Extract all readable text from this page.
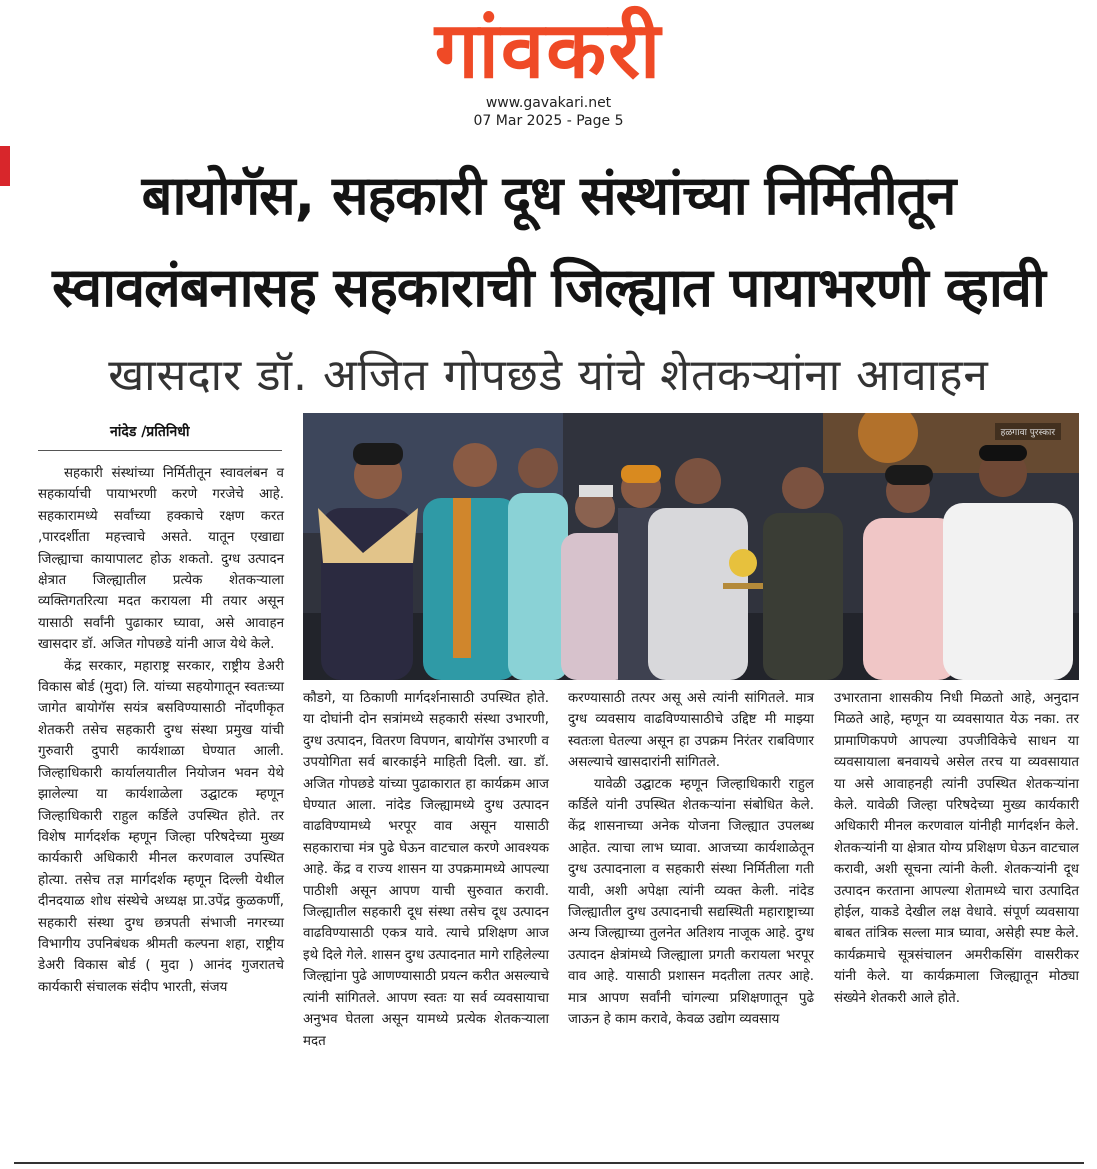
गांवकरी
www.gavakari.net
07 Mar 2025 - Page 5
बायोगॅस, सहकारी दूध संस्थांच्या निर्मितीतून
स्वावलंबनासह सहकाराची जिल्ह्यात पायाभरणी व्हावी
खासदार डॉ. अजित गोपछडे यांचे शेतकऱ्यांना आवाहन
नांदेड /प्रतिनिधी	हळगावा पुरस्कार

सहकारी संस्थांच्या निर्मितीतून स्वावलंबन व सहकार्याची पायाभरणी करणे गरजेचे आहे. सहकारामध्ये सर्वांच्या हक्काचे रक्षण करत ,पारदर्शीता महत्त्वाचे असते. यातून एखाद्या जिल्ह्याचा कायापालट होऊ शकतो. दुग्ध उत्पादन क्षेत्रात जिल्ह्यातील प्रत्येक शेतकऱ्याला व्यक्तिगतरित्या मदत करायला मी तयार असून यासाठी सर्वांनी पुढाकार घ्यावा, असे आवाहन खासदार डॉ. अजित गोपछडे यांनी आज येथे केले.

केंद्र सरकार, महाराष्ट्र सरकार, राष्ट्रीय डेअरी विकास बोर्ड (मुदा) लि. यांच्या सहयोगातून स्वतःच्या जागेत बायोगॅस सयंत्र बसविण्यासाठी नोंदणीकृत शेतकरी तसेच सहकारी दुग्ध संस्था प्रमुख यांची गुरुवारी दुपारी कार्यशाळा घेण्यात आली. जिल्हाधिकारी कार्यालयातील नियोजन भवन येथे झालेल्या या कार्यशाळेला उद्घाटक म्हणून जिल्हाधिकारी राहुल कर्डिले उपस्थित होते. तर विशेष मार्गदर्शक म्हणून जिल्हा परिषदेच्या मुख्य कार्यकारी अधिकारी मीनल करणवाल उपस्थित होत्या. तसेच तज्ञ मार्गदर्शक म्हणून दिल्ली येथील दीनदयाळ शोध संस्थेचे अध्यक्ष प्रा.उपेंद्र कुळकर्णी, सहकारी संस्था दुग्ध छत्रपती संभाजी नगरच्या विभागीय उपनिबंधक श्रीमती कल्पना शहा, राष्ट्रीय डेअरी विकास बोर्ड ( मुदा ) आनंद गुजरातचे कार्यकारी संचालक संदीप भारती, संजय

कौडगे, या ठिकाणी मार्गदर्शनासाठी उपस्थित होते. या दोघांनी दोन सत्रांमध्ये सहकारी संस्था उभारणी, दुग्ध उत्पादन, वितरण विपणन, बायोगॅस उभारणी व उपयोगिता सर्व बारकाईने माहिती दिली. खा. डॉ. अजित गोपछडे यांच्या पुढाकारात हा कार्यक्रम आज घेण्यात आला. नांदेड जिल्ह्यामध्ये दुग्ध उत्पादन वाढविण्यामध्ये भरपूर वाव असून यासाठी सहकाराचा मंत्र पुढे घेऊन वाटचाल करणे आवश्यक आहे. केंद्र व राज्य शासन या उपक्रमामध्ये आपल्या पाठीशी असून आपण याची सुरुवात करावी. जिल्ह्यातील सहकारी दूध संस्था तसेच दूध उत्पादन वाढविण्यासाठी एकत्र यावे. त्याचे प्रशिक्षण आज इथे दिले गेले. शासन दुग्ध उत्पादनात मागे राहिलेल्या जिल्ह्यांना पुढे आणण्यासाठी प्रयत्न करीत असल्याचे त्यांनी सांगितले. आपण स्वतः या सर्व व्यवसायाचा अनुभव घेतला असून यामध्ये प्रत्येक शेतकऱ्याला मदत

करण्यासाठी तत्पर असू असे त्यांनी सांगितले. मात्र दुग्ध व्यवसाय वाढविण्यासाठीचे उद्दिष्ट मी माझ्या स्वतःला घेतल्या असून हा उपक्रम निरंतर राबविणार असल्याचे खासदारांनी सांगितले.

यावेळी उद्घाटक म्हणून जिल्हाधिकारी राहुल कर्डिले यांनी उपस्थित शेतकऱ्यांना संबोधित केले. केंद्र शासनाच्या अनेक योजना जिल्ह्यात उपलब्ध आहेत. त्याचा लाभ घ्यावा. आजच्या कार्यशाळेतून दुग्ध उत्पादनाला व सहकारी संस्था निर्मितीला गती यावी, अशी अपेक्षा त्यांनी व्यक्त केली. नांदेड जिल्ह्यातील दुग्ध उत्पादनाची सद्यस्थिती महाराष्ट्राच्या अन्य जिल्ह्याच्या तुलनेत अतिशय नाजूक आहे. दुग्ध उत्पादन क्षेत्रांमध्ये जिल्ह्याला प्रगती करायला भरपूर वाव आहे. यासाठी प्रशासन मदतीला तत्पर आहे. मात्र आपण सर्वांनी चांगल्या प्रशिक्षणातून पुढे जाऊन हे काम करावे, केवळ उद्योग व्यवसाय

उभारताना शासकीय निधी मिळतो आहे, अनुदान मिळते आहे, म्हणून या व्यवसायात येऊ नका. तर प्रामाणिकपणे आपल्या उपजीविकेचे साधन या व्यवसायाला बनवायचे असेल तरच या व्यवसायात या असे आवाहनही त्यांनी उपस्थित शेतकऱ्यांना केले. यावेळी जिल्हा परिषदेच्या मुख्य कार्यकारी अधिकारी मीनल करणवाल यांनीही मार्गदर्शन केले. शेतकऱ्यांनी या क्षेत्रात योग्य प्रशिक्षण घेऊन वाटचाल करावी, अशी सूचना त्यांनी केली. शेतकऱ्यांनी दूध उत्पादन करताना आपल्या शेतामध्ये चारा उत्पादित होईल, याकडे देखील लक्ष वेधावे. संपूर्ण व्यवसाया बाबत तांत्रिक सल्ला मात्र घ्यावा, असेही स्पष्ट केले. कार्यक्रमाचे सूत्रसंचालन अमरीकसिंग वासरीकर यांनी केले. या कार्यक्रमाला जिल्ह्यातून मोठ्या संख्येने शेतकरी आले होते.
